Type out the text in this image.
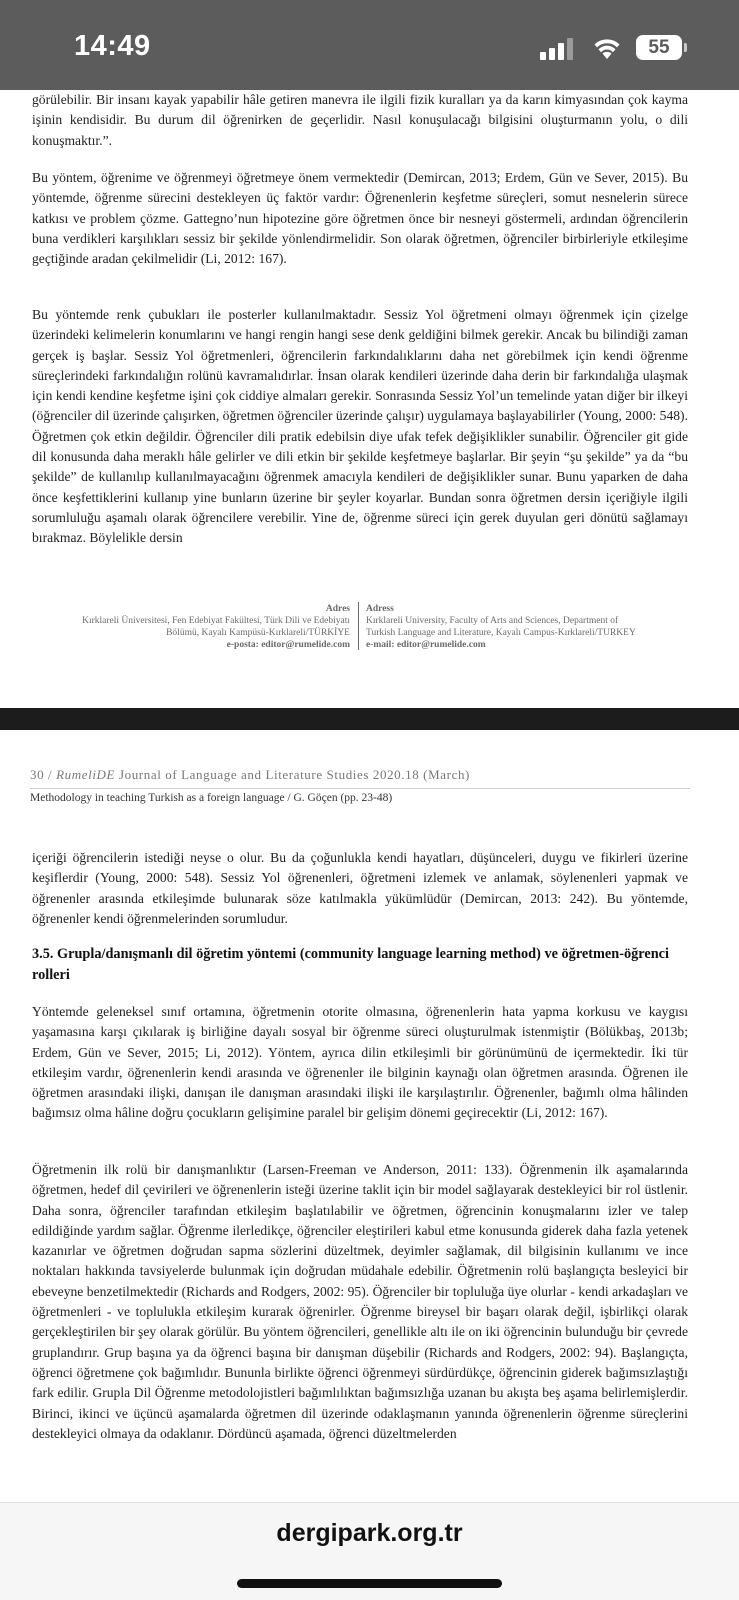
14:49	55

görülebilir. Bir insanı kayak yapabilir hâle getiren manevra ile ilgili fizik kuralları ya da karın kimyasından çok kayma işinin kendisidir. Bu durum dil öğrenirken de geçerlidir. Nasıl konuşulacağı bilgisini oluşturmanın yolu, o dili konuşmaktır.”.

Bu yöntem, öğrenime ve öğrenmeyi öğretmeye önem vermektedir (Demircan, 2013; Erdem, Gün ve Sever, 2015). Bu yöntemde, öğrenme sürecini destekleyen üç faktör vardır: Öğrenenlerin keşfetme süreçleri, somut nesnelerin sürece katkısı ve problem çözme. Gattegno’nun hipotezine göre öğretmen önce bir nesneyi göstermeli, ardından öğrencilerin buna verdikleri karşılıkları sessiz bir şekilde yönlendirmelidir. Son olarak öğretmen, öğrenciler birbirleriyle etkileşime geçtiğinde aradan çekilmelidir (Li, 2012: 167).

Bu yöntemde renk çubukları ile posterler kullanılmaktadır. Sessiz Yol öğretmeni olmayı öğrenmek için çizelge üzerindeki kelimelerin konumlarını ve hangi rengin hangi sese denk geldiğini bilmek gerekir. Ancak bu bilindiği zaman gerçek iş başlar. Sessiz Yol öğretmenleri, öğrencilerin farkındalıklarını daha net görebilmek için kendi öğrenme süreçlerindeki farkındalığın rolünü kavramalıdırlar. İnsan olarak kendileri üzerinde daha derin bir farkındalığa ulaşmak için kendi kendine keşfetme işini çok ciddiye almaları gerekir. Sonrasında Sessiz Yol’un temelinde yatan diğer bir ilkeyi (öğrenciler dil üzerinde çalışırken, öğretmen öğrenciler üzerinde çalışır) uygulamaya başlayabilirler (Young, 2000: 548). Öğretmen çok etkin değildir. Öğrenciler dili pratik edebilsin diye ufak tefek değişiklikler sunabilir. Öğrenciler git gide dil konusunda daha meraklı hâle gelirler ve dili etkin bir şekilde keşfetmeye başlarlar. Bir şeyin “şu şekilde” ya da “bu şekilde” de kullanılıp kullanılmayacağını öğrenmek amacıyla kendileri de değişiklikler sunar. Bunu yaparken de daha önce keşfettiklerini kullanıp yine bunların üzerine bir şeyler koyarlar. Bundan sonra öğretmen dersin içeriğiyle ilgili sorumluluğu aşamalı olarak öğrencilere verebilir. Yine de, öğrenme süreci için gerek duyulan geri dönütü sağlamayı bırakmaz. Böylelikle dersin

Adres
Kırklareli Üniversitesi, Fen Edebiyat Fakültesi, Türk Dili ve Edebiyatı
Bölümü, Kayalı Kampüsü-Kırklareli/TÜRKİYE
e-posta: editor@rumelide.com
Adress
Kırklareli University, Faculty of Arts and Sciences, Department of
Turkish Language and Literature, Kayalı Campus-Kırklareli/TURKEY
e-mail: editor@rumelide.com
30 / RumeliDE Journal of Language and Literature Studies 2020.18 (March)
Methodology in teaching Turkish as a foreign language / G. Göçen (pp. 23-48)

içeriği öğrencilerin istediği neyse o olur. Bu da çoğunlukla kendi hayatları, düşünceleri, duygu ve fikirleri üzerine keşiflerdir (Young, 2000: 548). Sessiz Yol öğrenenleri, öğretmeni izlemek ve anlamak, söylenenleri yapmak ve öğrenenler arasında etkileşimde bulunarak söze katılmakla yükümlüdür (Demircan, 2013: 242). Bu yöntemde, öğrenenler kendi öğrenmelerinden sorumludur.

3.5. Grupla/danışmanlı dil öğretim yöntemi (community language learning method) ve öğretmen-öğrenci rolleri

Yöntemde geleneksel sınıf ortamına, öğretmenin otorite olmasına, öğrenenlerin hata yapma korkusu ve kaygısı yaşamasına karşı çıkılarak iş birliğine dayalı sosyal bir öğrenme süreci oluşturulmak istenmiştir (Bölükbaş, 2013b; Erdem, Gün ve Sever, 2015; Li, 2012). Yöntem, ayrıca dilin etkileşimli bir görünümünü de içermektedir. İki tür etkileşim vardır, öğrenenlerin kendi arasında ve öğrenenler ile bilginin kaynağı olan öğretmen arasında. Öğrenen ile öğretmen arasındaki ilişki, danışan ile danışman arasındaki ilişki ile karşılaştırılır. Öğrenenler, bağımlı olma hâlinden bağımsız olma hâline doğru çocukların gelişimine paralel bir gelişim dönemi geçirecektir (Li, 2012: 167).

Öğretmenin ilk rolü bir danışmanlıktır (Larsen-Freeman ve Anderson, 2011: 133). Öğrenmenin ilk aşamalarında öğretmen, hedef dil çevirileri ve öğrenenlerin isteği üzerine taklit için bir model sağlayarak destekleyici bir rol üstlenir. Daha sonra, öğrenciler tarafından etkileşim başlatılabilir ve öğretmen, öğrencinin konuşmalarını izler ve talep edildiğinde yardım sağlar. Öğrenme ilerledikçe, öğrenciler eleştirileri kabul etme konusunda giderek daha fazla yetenek kazanırlar ve öğretmen doğrudan sapma sözlerini düzeltmek, deyimler sağlamak, dil bilgisinin kullanımı ve ince noktaları hakkında tavsiyelerde bulunmak için doğrudan müdahale edebilir. Öğretmenin rolü başlangıçta besleyici bir ebeveyne benzetilmektedir (Richards and Rodgers, 2002: 95). Öğrenciler bir topluluğa üye olurlar - kendi arkadaşları ve öğretmenleri - ve toplulukla etkileşim kurarak öğrenirler. Öğrenme bireysel bir başarı olarak değil, işbirlikçi olarak gerçekleştirilen bir şey olarak görülür. Bu yöntem öğrencileri, genellikle altı ile on iki öğrencinin bulunduğu bir çevrede gruplandırır. Grup başına ya da öğrenci başına bir danışman düşebilir (Richards and Rodgers, 2002: 94). Başlangıçta, öğrenci öğretmene çok bağımlıdır. Bununla birlikte öğrenci öğrenmeyi sürdürdükçe, öğrencinin giderek bağımsızlaştığı fark edilir. Grupla Dil Öğrenme metodolojistleri bağımlılıktan bağımsızlığa uzanan bu akışta beş aşama belirlemişlerdir. Birinci, ikinci ve üçüncü aşamalarda öğretmen dil üzerinde odaklaşmanın yanında öğrenenlerin öğrenme süreçlerini destekleyici olmaya da odaklanır. Dördüncü aşamada, öğrenci düzeltmelerden

dergipark.org.tr
